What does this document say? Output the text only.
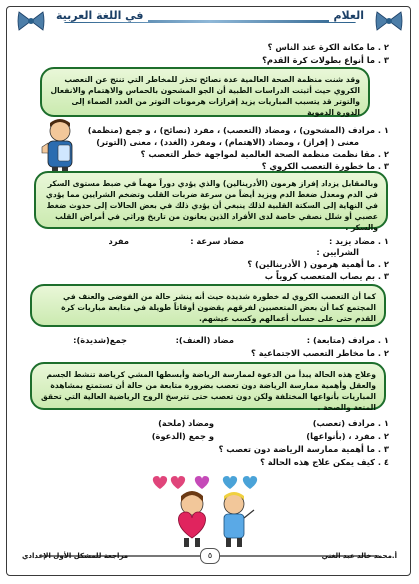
في اللغة العربية	العلام
٢ . ما مكانة الكرة عند الناس ؟
٣ . ما أنواع بطولات كرة القدم؟
وقد شنت منظمة الصحة العالمية عدة نصائح تحذر للمخاطر التي تنتج عن التعصب الكروي حيث أثبتت الدراسات الطبية أن الجو المشحون بالحماس والاهتمام والانفعال والتوتر قد يتسبب المباريات يزيد إفرازات هرمونات التوتر من الغدد الصماء إلى الدورة الدموية
١ . مرادف (المشحون) ، ومضاد (التعصب) ، مفرد (نصائح) ، و جمع (منظمة)
معنى ( إفراز) ، ومضاد (الاهتمام) ، ومفرد (الغدد) ، معنى (التوتر)
٢ . مقا نظمت منظمة الصحة العالمية لمواجهة خطر التعصب ؟
٣ . ما خطورة التعصب الكروي ؟
وبالمقابل يزداد إفراز هرمون (الأدرينالين) والذي يؤدي دوراً مهماً في ضبط مستوى السكر في الدم ومعدل ضغط الدم ويزيد أيضاً من سرعة ضربات القلب وتضخم الشرايين مما يؤدي في النهاية إلى السكتة القلبية لذلك ينبغي أن يؤدي ذلك في بعض الحالات إلى حدوث ضغط عصبي أو شلل نصفي خاصة لدى الأفراد الذين يعانون من تاريخ وراثي في أمراض القلب والسكر .
١ . مضاد يزيد :
مضاد سرعة :
مفرد
الشرايين :
٢ . ما أهمية هرمون ( الأدرينالين) ؟
٣ . بم يصاب المتعصب كروياً ب
كما أن التعصب الكروي له خطورة شديدة حيث أنه ينشر حالة من الفوضى والعنف في المجتمع كما أن بعض المتعصبين لفرقهم يقضون أوقاتاً طويلة في متابعة مباريات كرة القدم حتى على حساب أعمالهم وكسب عيشهم.
١ . مرادف (متابعة) :
مضاد (العنف):
جمع(شديدة):
٢ . ما مخاطر التعصب الاجتماعية ؟
وعلاج هذه الحالة يبدأ من الدعوة لممارسة الرياضة وأبسطها المشي كرياضة تنشط الجسم والعقل وأهمية ممارسة الرياضة دون تعصب بضرورة متابعة من حالة أن تستمتع بمشاهدة المباريات بأنواعها المختلفة ولكن دون تعصب حتى تترسخ الروح الرياضية العالية التي تحقق المتعة والصحة .
١ . مرادف (تعصب)
ومضاد (ملحة)
٢ . مفرد ، (بأنواعها)
و جمع (الدعوة)
٣ . ما أهمية ممارسة الرياضة دون تعصب ؟
٤ . كيف يمكن علاج هذه الحالة ؟
٥	أ.محمد خالد عبد الغني
مراجعة للمشكل الأول الإعدادي
